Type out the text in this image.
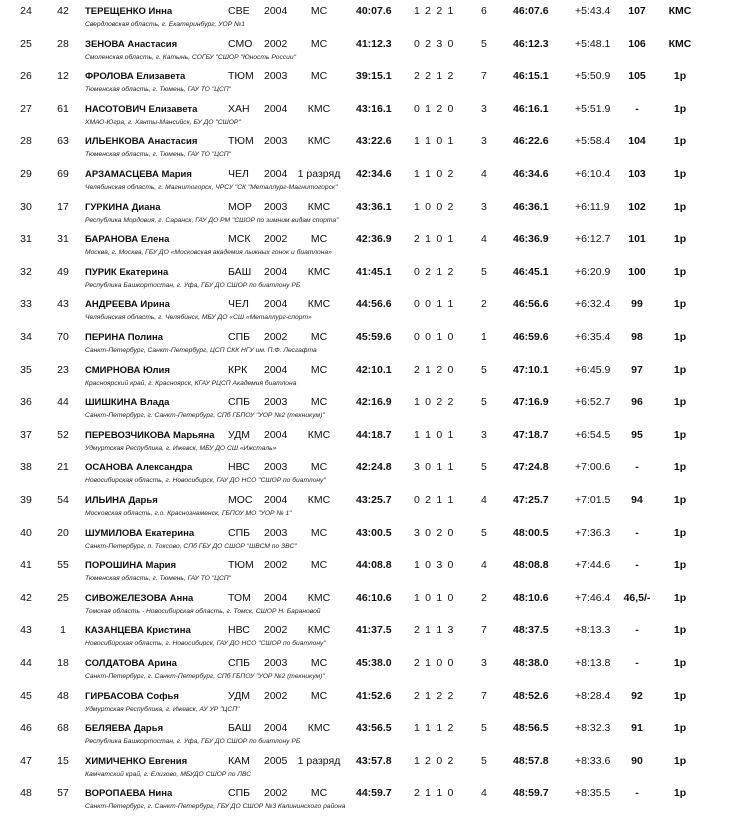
24	42	ТЕРЕЩЕНКО Инна	СВЕ	2004	МС	40:07.6 1 2 2 1	6 46:07.6	+5:43.4	107	КМС
Свердловская область, г. Екатеринбург, УОР №1
25	28	ЗЕНОВА Анастасия	СМО	2002	МС	41:12.3 0 2 3 0	5 46:12.3	+5:48.1	106	КМС
Смоленская область, г. Катынь, СОГБУ "СШОР "Юность России"
26	12	ФРОЛОВА Елизавета	ТЮМ 2003	МС	39:15.1 2 2 1 2	7 46:15.1	+5:50.9	105	1р
Тюменская область, г. Тюмень, ГАУ ТО "ЦСП"
27	61	НАСОТОВИЧ Елизавета	ХАН	2004	КМС	43:16.1 0 1 2 0	3 46:16.1	+5:51.9	-	1р
ХМАО-Югра, г. Ханты-Мансийск, БУ ДО "СШОР"
28	63	ИЛЬЕНКОВА Анастасия	ТЮМ 2003	КМС	43:22.6 1 1 0 1	3 46:22.6	+5:58.4	104	1р
Тюменская область, г. Тюмень, ГАУ ТО "ЦСП"
29	69	АРЗАМАСЦЕВА Мария	ЧЕЛ	2004 1 разряд	42:34.6 1 1 0 2	4 46:34.6	+6:10.4	103	1р
Челябинская область, г. Магнитогорск, ЧРСУ "СК "Металлург-Магнитогорск"
30	17	ГУРКИНА Диана	МОР	2003	КМС	43:36.1 1 0 0 2	3 46:36.1	+6:11.9	102	1р
Республика Мордовия, г. Саранск, ГАУ ДО РМ "СШОР по зимним видам спорта"
31	31	БАРАНОВА Елена	МСК	2002	МС	42:36.9 2 1 0 1	4 46:36.9	+6:12.7	101	1р
Москва, г. Москва, ГБУ ДО «Московская академия лыжных гонок и биатлона»
32	49	ПУРИК Екатерина	БАШ	2004	КМС	41:45.1 0 2 1 2	5 46:45.1	+6:20.9	100	1р
Республика Башкортостан, г. Уфа, ГБУ ДО СШОР по биатлону РБ
33	43	АНДРЕЕВА Ирина	ЧЕЛ	2004	КМС	44:56.6 0 0 1 1	2 46:56.6	+6:32.4	99	1р
Челябинская область, г. Челябинск, МБУ ДО «СШ «Металлург-спорт»
34	70	ПЕРИНА Полина	СПБ	2002	МС	45:59.6 0 0 1 0	1 46:59.6	+6:35.4	98	1р
Санкт-Петербург, Санкт-Петербург, ЦСП СКК НГУ им. П.Ф. Лесгафта
35	23	СМИРНОВА Юлия	КРК	2004	МС	42:10.1 2 1 2 0	5 47:10.1	+6:45.9	97	1р
Красноярский край, г. Красноярск, КГАУ РЦСП Академия биатлона
36	44	ШИШКИНА Влада	СПБ	2003	МС	42:16.9 1 0 2 2	5 47:16.9	+6:52.7	96	1р
Санкт-Петербург, г. Санкт-Петербург, СПб ГБПОУ "УОР №2 (техникум)"
37	52	ПЕРЕВОЗЧИКОВА Марьяна УДМ	2004	КМС	44:18.7 1 1 0 1	3 47:18.7	+6:54.5	95	1р
Удмуртская Республика, г. Ижевск, МБУ ДО СШ «Ижсталь»
38	21	ОСАНОВА Александра	НВС	2003	МС	42:24.8 3 0 1 1	5 47:24.8	+7:00.6	-	1р
Новосибирская область, г. Новосибирск, ГАУ ДО НСО "СШОР по биатлону"
39	54	ИЛЬИНА Дарья	МОС	2004	КМС	43:25.7 0 2 1 1	4 47:25.7	+7:01.5	94	1р
Московская область, г.о. Краснознаменск, ГБПОУ МО "УОР № 1"
40	20	ШУМИЛОВА Екатерина	СПБ	2003	МС	43:00.5 3 0 2 0	5 48:00.5	+7:36.3	-	1р
Санкт-Петербург, п. Токсово, СПб ГБУ ДО СШОР "ШВСМ по ЗВС"
41	55	ПОРОШИНА Мария	ТЮМ 2002	МС	44:08.8 1 0 3 0	4 48:08.8	+7:44.6	-	1р
Тюменская область, г. Тюмень, ГАУ ТО "ЦСП"
42	25	СИВОЖЕЛЕЗОВА Анна	ТОМ	2004	КМС	46:10.6 1 0 1 0	2 48:10.6	+7:46.4	46,5/-	1р
Томская область - Новосибирская область, г. Томск, СШОР Н. Барановой
43	1	КАЗАНЦЕВА Кристина	НВС	2002	КМС	41:37.5 2 1 1 3	7 48:37.5	+8:13.3	-	1р
Новосибирская область, г. Новосибирск, ГАУ ДО НСО "СШОР по биатлону"
44	18	СОЛДАТОВА Арина	СПБ	2003	МС	45:38.0 2 1 0 0	3 48:38.0	+8:13.8	-	1р
Санкт-Петербург, г. Санкт-Петербург, СПб ГБПОУ "УОР №2 (техникум)"
45	48	ГИРБАСОВА Софья	УДМ	2002	МС	41:52.6 2 1 2 2	7 48:52.6	+8:28.4	92	1р
Удмуртская Республика, г. Ижевск, АУ УР "ЦСП"
46	68	БЕЛЯЕВА Дарья	БАШ	2004	КМС	43:56.5 1 1 1 2	5 48:56.5	+8:32.3	91	1р
Республика Башкортостан, г. Уфа, ГБУ ДО СШОР по биатлону РБ
47	15	ХИМИЧЕНКО Евгения	КАМ	2005 1 разряд	43:57.8 1 2 0 2	5 48:57.8	+8:33.6	90	1р
Камчатский край, г. Елизово, МБУДО СШОР по ЛВС
48	57	ВОРОПАЕВА Нина	СПБ	2002	МС	44:59.7 2 1 1 0	4 48:59.7	+8:35.5	-	1р
Санкт-Петербург, г. Санкт-Петербург, ГБУ ДО СШОР №3 Калининского района
